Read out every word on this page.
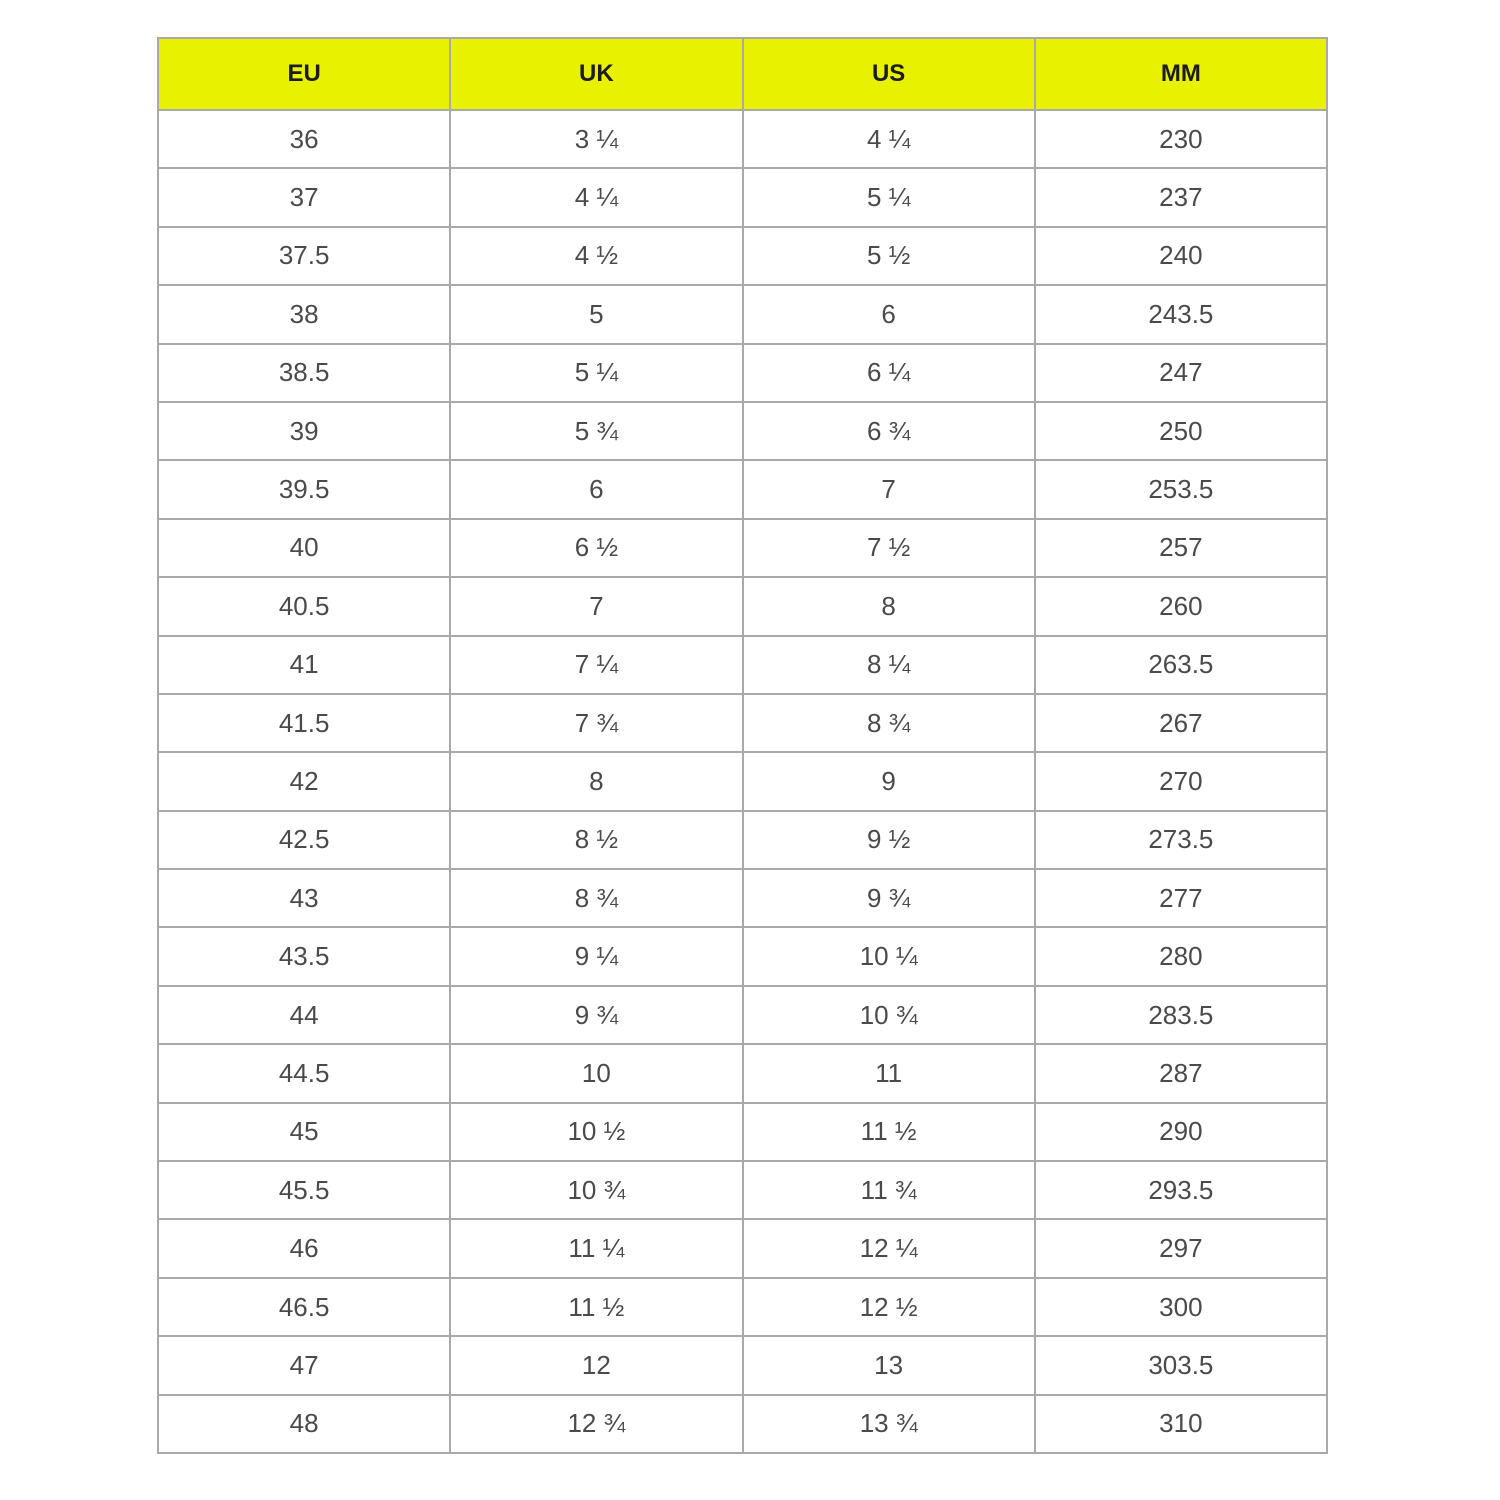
EU	UK	US	MM
36	3 ¼	4 ¼	230
37	4 ¼	5 ¼	237
37.5	4 ½	5 ½	240
38	5	6	243.5
38.5	5 ¼	6 ¼	247
39	5 ¾	6 ¾	250
39.5	6	7	253.5
40	6 ½	7 ½	257
40.5	7	8	260
41	7 ¼	8 ¼	263.5
41.5	7 ¾	8 ¾	267
42	8	9	270
42.5	8 ½	9 ½	273.5
43	8 ¾	9 ¾	277
43.5	9 ¼	10 ¼	280
44	9 ¾	10 ¾	283.5
44.5	10	11	287
45	10 ½	11 ½	290
45.5	10 ¾	11 ¾	293.5
46	11 ¼	12 ¼	297
46.5	11 ½	12 ½	300
47	12	13	303.5
48	12 ¾	13 ¾	310
